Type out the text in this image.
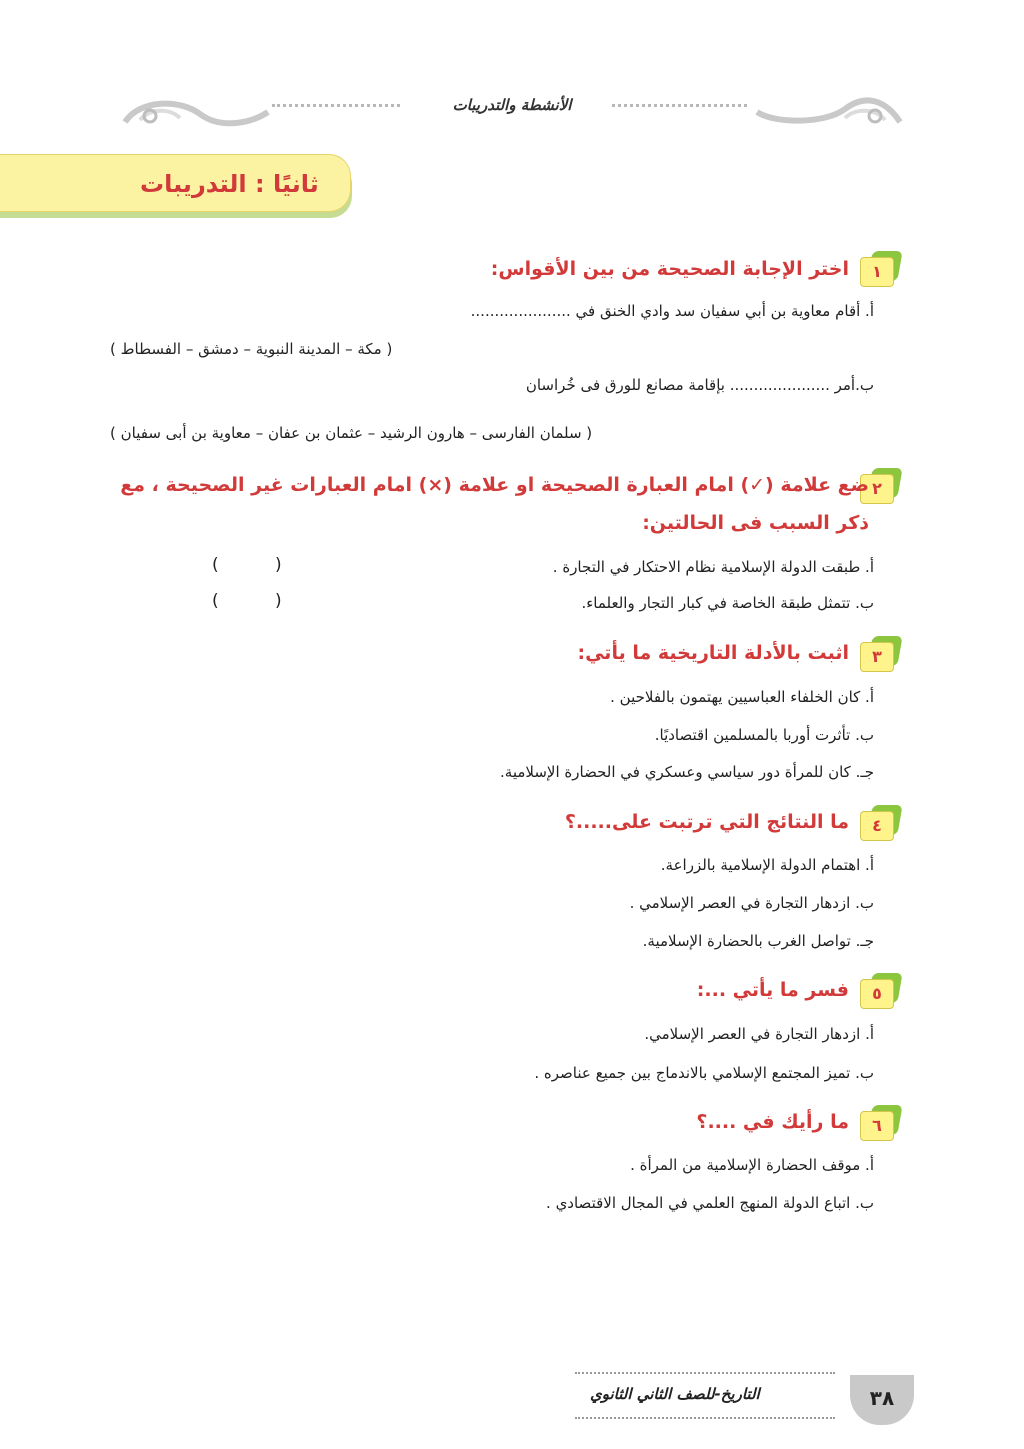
الأنشطة والتدريبات
ثانيًا : التدريبات
١
اختر الإجابة الصحيحة من بين الأقواس:
أ. أقام معاوية بن أبي سفيان سد وادي الخنق في .....................
( مكة – المدينة النبوية – دمشق – الفسطاط )
ب.أمر ..................... بإقامة مصانع للورق فى خُراسان
( سلمان الفارسى – هارون الرشيد – عثمان بن عفان – معاوية بن أبى سفيان )
٢
ضع علامة (✓) امام العبارة الصحيحة او علامة (×) امام العبارات غير الصحيحة ، مع
ذكر السبب فى الحالتين:
أ. طبقت الدولة الإسلامية نظام الاحتكار في التجارة .
(
)
ب. تتمثل طبقة الخاصة في كبار التجار والعلماء.
(
)
٣
اثبت بالأدلة التاريخية ما يأتي:
أ. كان الخلفاء العباسيين يهتمون بالفلاحين .
ب. تأثرت أوربا بالمسلمين اقتصاديًا.
جـ. كان للمرأة دور سياسي وعسكري في الحضارة الإسلامية.
٤
ما النتائج التي ترتبت على.....؟
أ. اهتمام الدولة الإسلامية بالزراعة.
ب. ازدهار التجارة في العصر الإسلامي .
جـ. تواصل الغرب بالحضارة الإسلامية.
٥
فسر ما يأتي ...:
أ. ازدهار التجارة في العصر الإسلامي.
ب. تميز المجتمع الإسلامي بالاندماج بين جميع عناصره .
٦
ما رأيك في ....؟
أ. موقف الحضارة الإسلامية من المرأة .
ب. اتباع الدولة المنهج العلمي في المجال الاقتصادي .
التاريخ-للصف الثاني الثانوي	٣٨
